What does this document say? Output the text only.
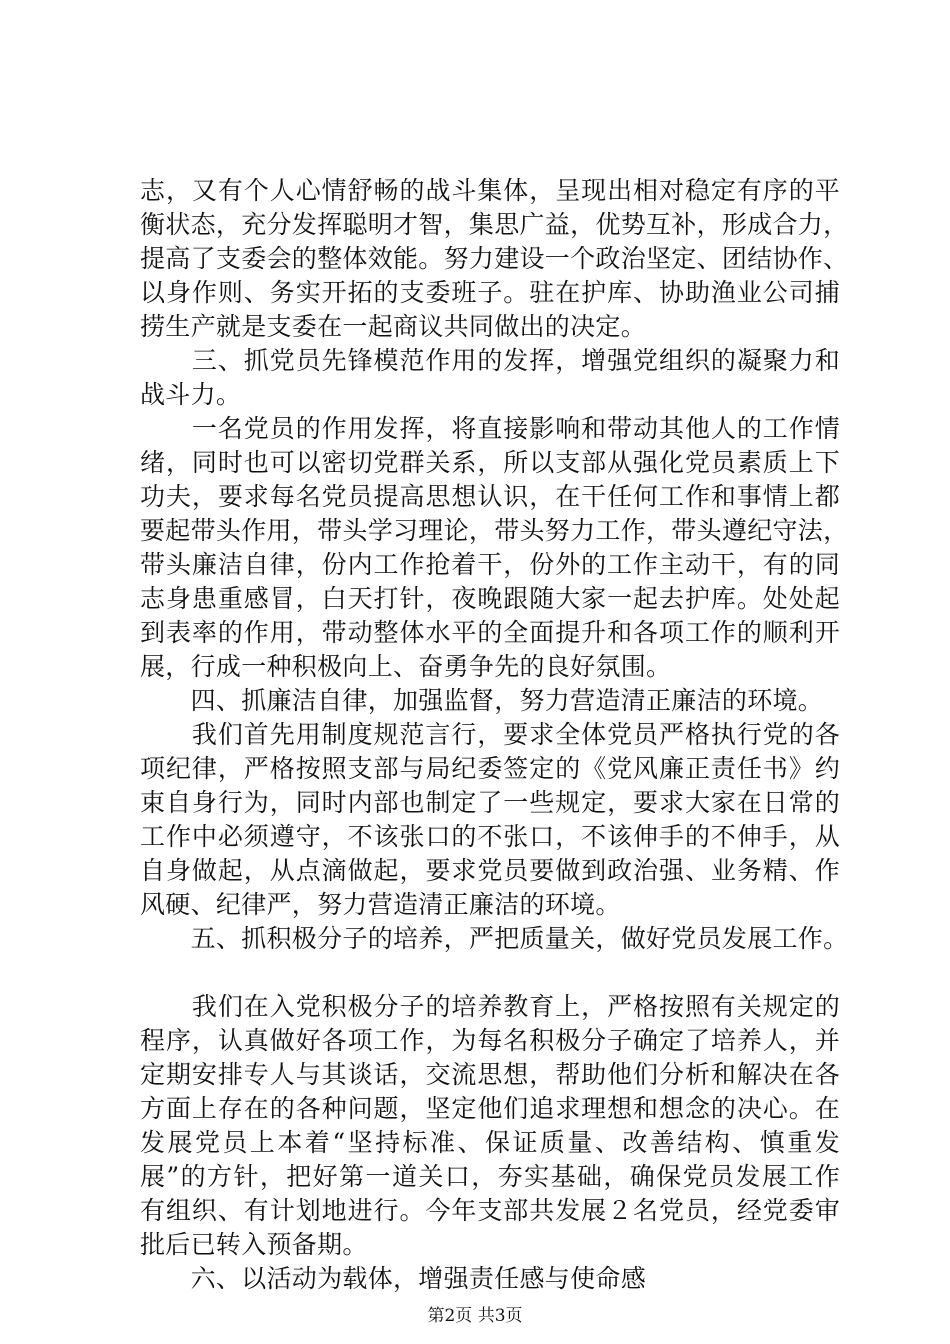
志，又有个人心情舒畅的战斗集体，呈现出相对稳定有序的平
衡状态，充分发挥聪明才智，集思广益，优势互补，形成合力，
提高了支委会的整体效能。努力建设一个政治坚定、团结协作、
以身作则、务实开拓的支委班子。驻在护库、协助渔业公司捕
捞生产就是支委在一起商议共同做出的决定。
　　三、抓党员先锋模范作用的发挥，增强党组织的凝聚力和
战斗力。
　　一名党员的作用发挥，将直接影响和带动其他人的工作情
绪，同时也可以密切党群关系，所以支部从强化党员素质上下
功夫，要求每名党员提高思想认识，在干任何工作和事情上都
要起带头作用，带头学习理论，带头努力工作，带头遵纪守法，
带头廉洁自律，份内工作抢着干，份外的工作主动干，有的同
志身患重感冒，白天打针，夜晚跟随大家一起去护库。处处起
到表率的作用，带动整体水平的全面提升和各项工作的顺利开
展，行成一种积极向上、奋勇争先的良好氛围。
　　四、抓廉洁自律，加强监督，努力营造清正廉洁的环境。
　　我们首先用制度规范言行，要求全体党员严格执行党的各
项纪律，严格按照支部与局纪委签定的《党风廉正责任书》约
束自身行为，同时内部也制定了一些规定，要求大家在日常的
工作中必须遵守，不该张口的不张口，不该伸手的不伸手，从
自身做起，从点滴做起，要求党员要做到政治强、业务精、作
风硬、纪律严，努力营造清正廉洁的环境。
　　五、抓积极分子的培养，严把质量关，做好党员发展工作。
　　我们在入党积极分子的培养教育上，严格按照有关规定的
程序，认真做好各项工作，为每名积极分子确定了培养人，并
定期安排专人与其谈话，交流思想，帮助他们分析和解决在各
方面上存在的各种问题，坚定他们追求理想和想念的决心。在
发展党员上本着“坚持标准、保证质量、改善结构、慎重发
展”的方针，把好第一道关口，夯实基础，确保党员发展工作
有组织、有计划地进行。今年支部共发展２名党员，经党委审
批后已转入预备期。
　　六、以活动为载体，增强责任感与使命感
第2页 共3页
